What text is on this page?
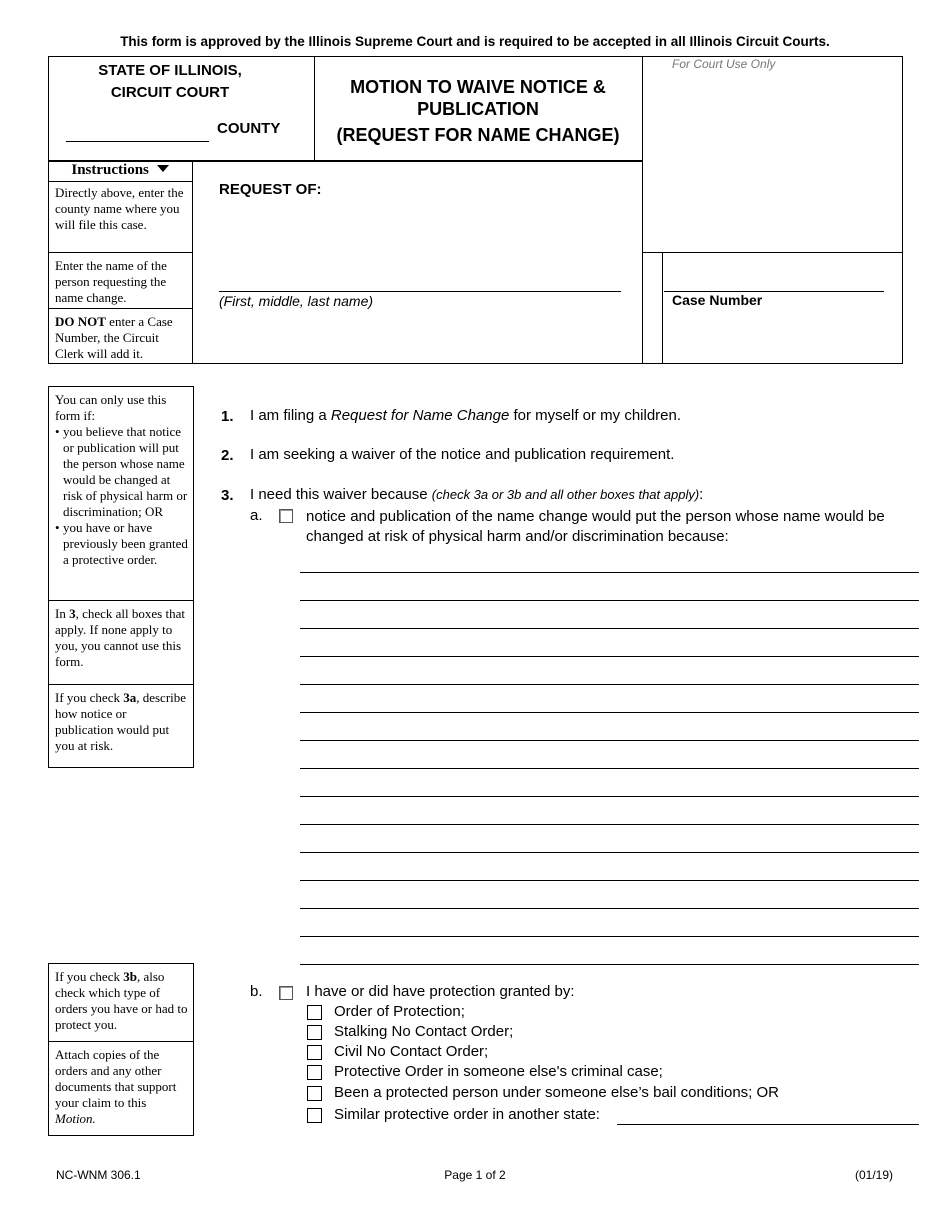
This form is approved by the Illinois Supreme Court and is required to be accepted in all Illinois Circuit Courts.
STATE OF ILLINOIS,
CIRCUIT COURT
COUNTY
MOTION TO WAIVE NOTICE &
PUBLICATION
(REQUEST FOR NAME CHANGE)
For Court Use Only
Instructions
Directly above, enter the county name where you will file this case.
Enter the name of the person requesting the name change.
DO NOT enter a Case Number, the Circuit Clerk will add it.
REQUEST OF:
(First, middle, last name)	Case Number
You can only use this form if:
• you believe that notice or publication will put the person whose name would be changed at risk of physical harm or discrimination; OR
• you have or have previously been granted a protective order.
In 3, check all boxes that apply. If none apply to you, you cannot use this form.
If you check 3a, describe how notice or publication would put you at risk.
If you check 3b, also check which type of orders you have or had to protect you.
Attach copies of the orders and any other documents that support your claim to this Motion.
1. I am filing a Request for Name Change for myself or my children.
2. I am seeking a waiver of the notice and publication requirement.
3. I need this waiver because (check 3a or 3b and all other boxes that apply):
a.	notice and publication of the name change would put the person whose name would be changed at risk of physical harm and/or discrimination because:
b.	I have or did have protection granted by:
Order of Protection;
Stalking No Contact Order;
Civil No Contact Order;
Protective Order in someone else's criminal case;
Been a protected person under someone else’s bail conditions; OR
Similar protective order in another state:
NC-WNM 306.1	Page 1 of 2	(01/19)
